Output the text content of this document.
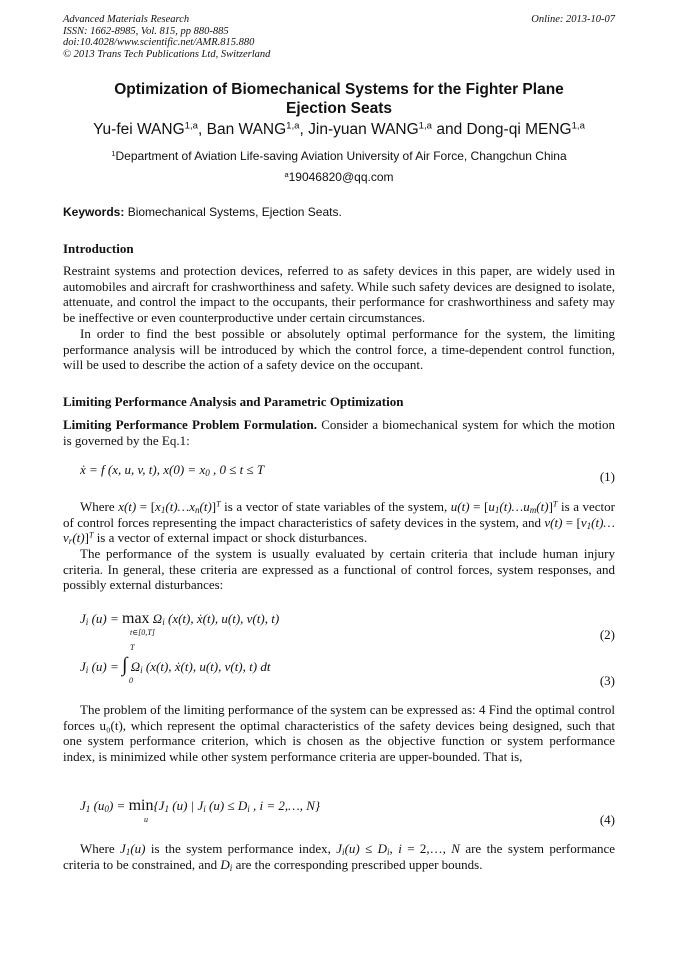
Advanced Materials Research
ISSN: 1662-8985, Vol. 815, pp 880-885
doi:10.4028/www.scientific.net/AMR.815.880
© 2013 Trans Tech Publications Ltd, Switzerland
Online: 2013-10-07
Optimization of Biomechanical Systems for the Fighter Plane
Ejection Seats
Yu-fei WANG$^{1,a}$, Ban WANG$^{1,a}$, Jin-yuan WANG$^{1,a}$ and Dong-qi MENG$^{1,a}$
$^1$Department of Aviation Life-saving Aviation University of Air Force, Changchun China
$^a$19046820@qq.com
Keywords: Biomechanical Systems, Ejection Seats.
Introduction

Restraint systems and protection devices, referred to as safety devices in this paper, are widely used in automobiles and aircraft for crashworthiness and safety. While such safety devices are designed to isolate, attenuate, and control the impact to the occupants, their performance for crashworthiness and safety may be ineffective or even counterproductive under certain circumstances.

In order to find the best possible or absolutely optimal performance for the system, the limiting performance analysis will be introduced by which the control force, a time-dependent control function, will be used to describe the action of a safety device on the occupant.

Limiting Performance Analysis and Parametric Optimization

Limiting Performance Problem Formulation. Consider a biomechanical system for which the motion is governed by the Eq.1:

ẋ = f (x, u, v, t), $x(0) = x_0$ , 0 ≤ t ≤ T	(1)

Where $x(t) = [x_1(t)\dots x_n(t)]^T$ is a vector of state variables of the system, $u(t) = [u_1(t)\dots u_m(t)]^T$ is a vector of control forces representing the impact characteristics of safety devices in the system, and $v(t) = [v_1(t)\dots v_r(t)]^T$ is a vector of external impact or shock disturbances.

The performance of the system is usually evaluated by certain criteria that include human injury criteria. In general, these criteria are expressed as a functional of control forces, system responses, and possibly external disturbances:

$J_i$ $(u) = \max \Omega_i$ (x(t), ẋ(t), u(t), v(t), t)
t∈[0,T]	(2)
T
$J_i$ (u) = ∫ $\Omega_i$ (x(t), ẋ(t), u(t), v(t), t) dt
0	(3)

The problem of the limiting performance of the system can be expressed as: 4 Find the optimal control forces u₀(t), which represent the optimal characteristics of the safety devices being designed, such that one system performance criterion, which is chosen as the objective function or system performance index, is minimized while other system performance criteria are upper-bounded. That is,

$J_1$ $(u_0) = \min\{J_1$ (u) | $J_i$ $(u) \le D_i$ , i = 2,…, N}
u	(4)

Where $J_1(u)$ is the system performance index, $J_i(u) \le D_i$, i = 2,…, N are the system performance criteria to be constrained, and $D_i$ are the corresponding prescribed upper bounds.
